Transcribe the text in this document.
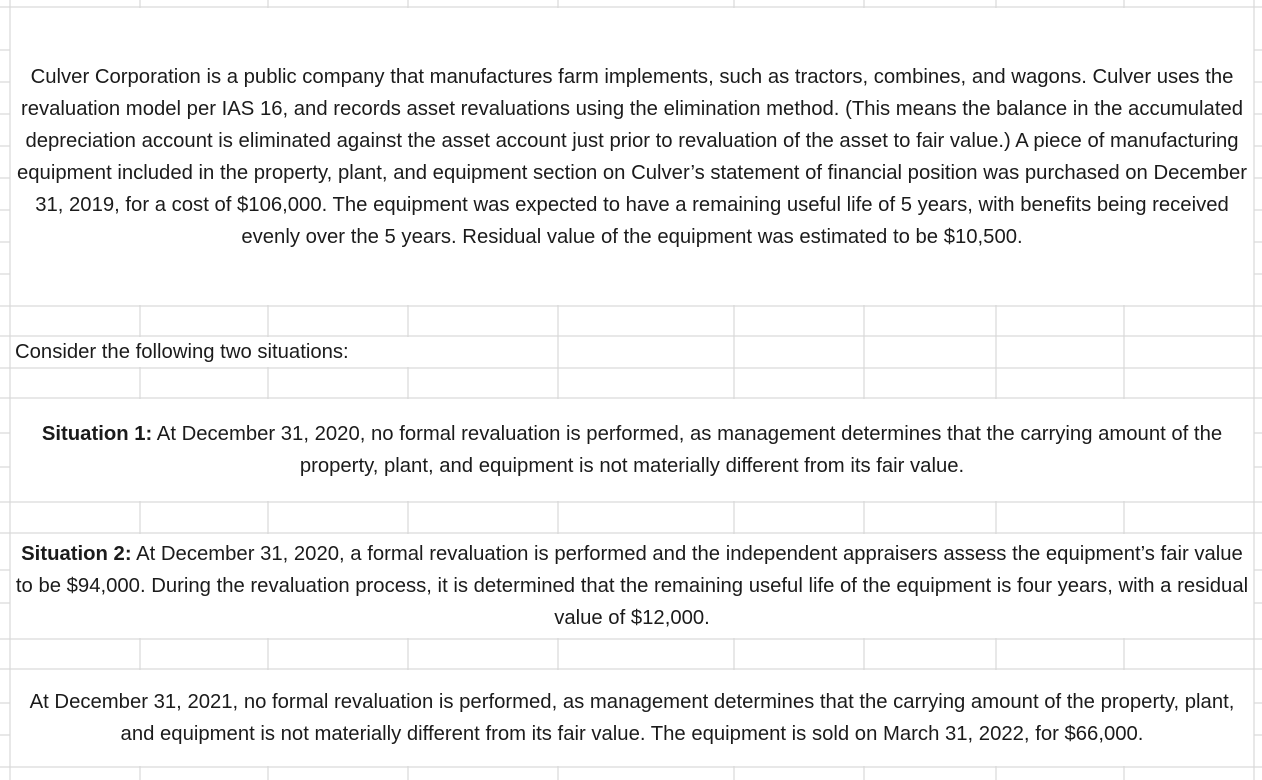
Culver Corporation is a public company that manufactures farm implements, such as tractors, combines, and wagons. Culver uses the revaluation model per IAS 16, and records asset revaluations using the elimination method. (This means the balance in the accumulated depreciation account is eliminated against the asset account just prior to revaluation of the asset to fair value.) A piece of manufacturing equipment included in the property, plant, and equipment section on Culver’s statement of financial position was purchased on December 31, 2019, for a cost of $106,000. The equipment was expected to have a remaining useful life of 5 years, with benefits being received evenly over the 5 years. Residual value of the equipment was estimated to be $10,500.

Consider the following two situations:

Situation 1: At December 31, 2020, no formal revaluation is performed, as management determines that the carrying amount of the property, plant, and equipment is not materially different from its fair value.

Situation 2: At December 31, 2020, a formal revaluation is performed and the independent appraisers assess the equipment’s fair value to be $94,000. During the revaluation process, it is determined that the remaining useful life of the equipment is four years, with a residual value of $12,000.

At December 31, 2021, no formal revaluation is performed, as management determines that the carrying amount of the property, plant, and equipment is not materially different from its fair value. The equipment is sold on March 31, 2022, for $66,000.
